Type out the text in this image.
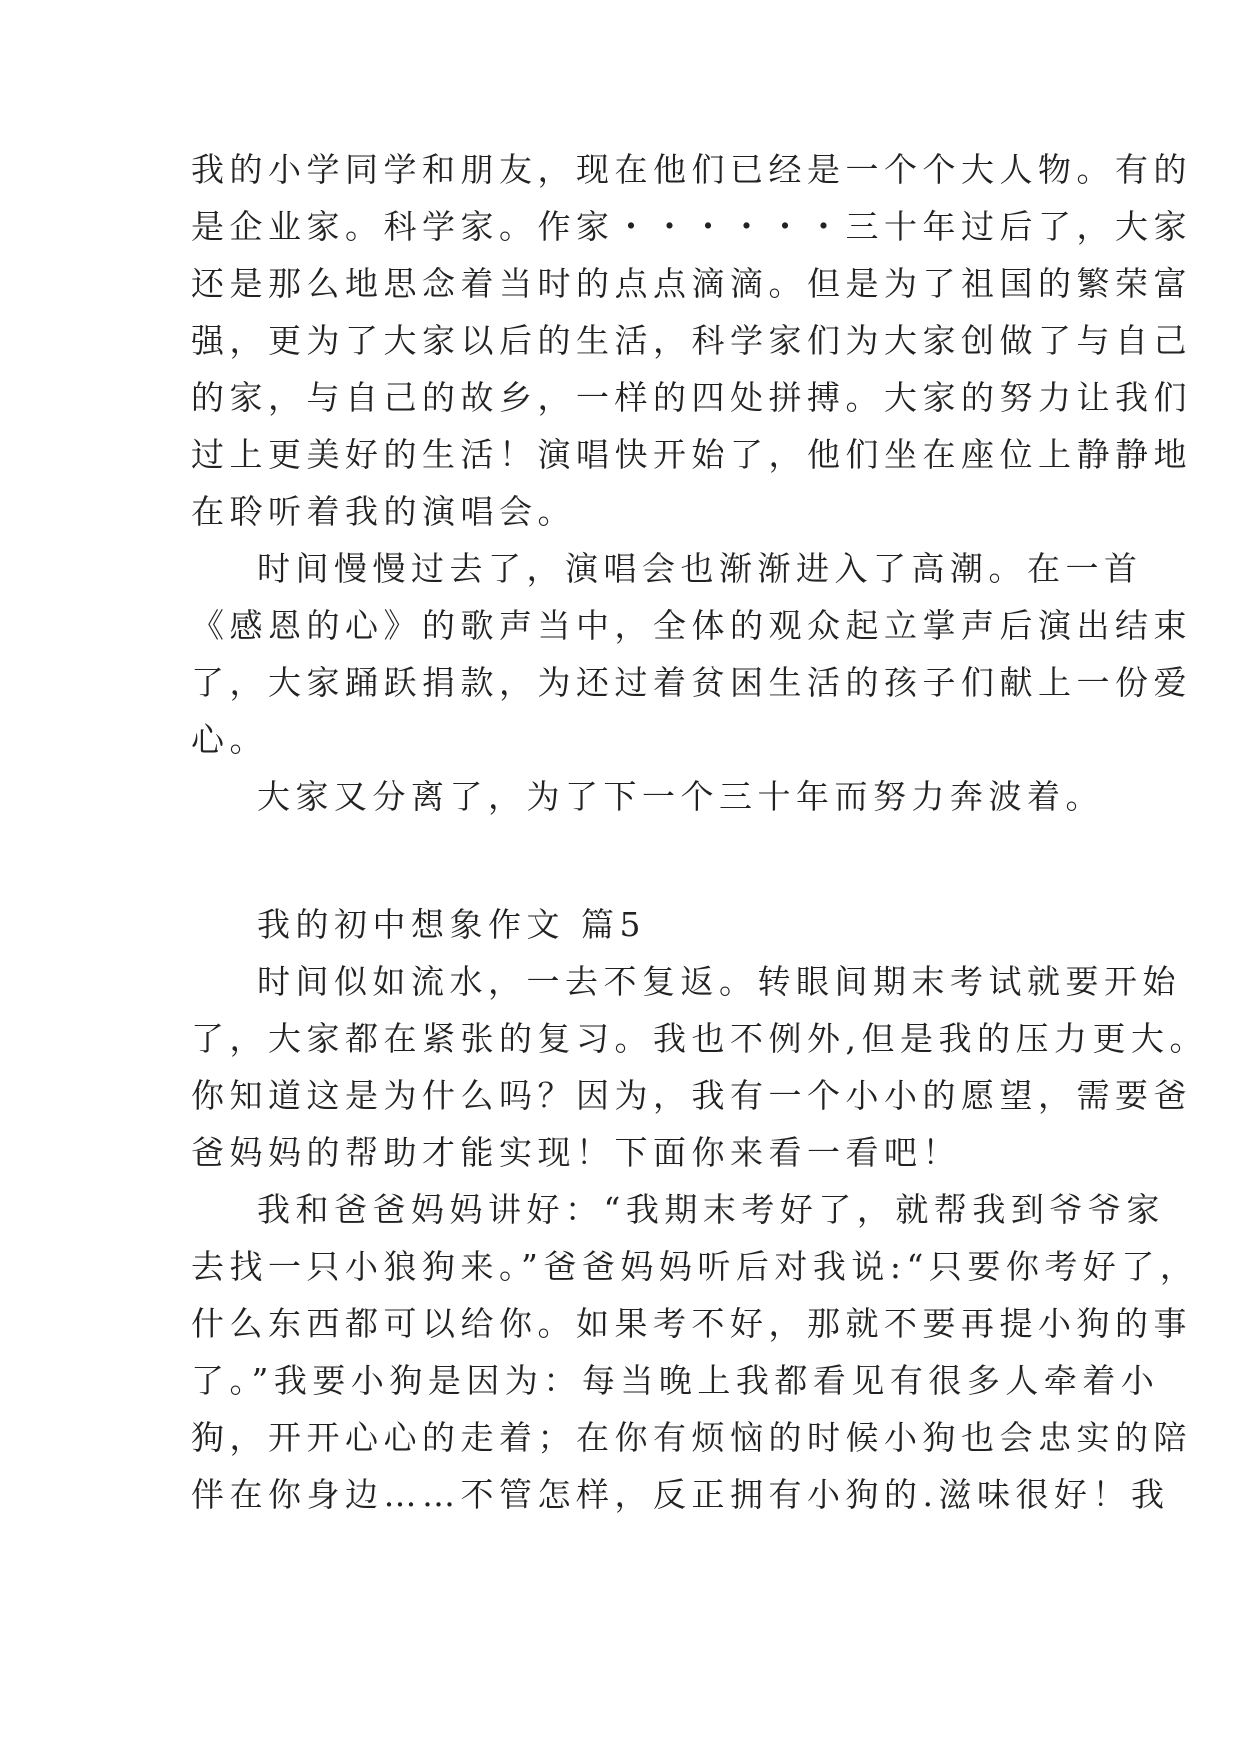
我的小学同学和朋友，现在他们已经是一个个大人物。有的
是企业家。科学家。作家・・・・・・三十年过后了，大家
还是那么地思念着当时的点点滴滴。但是为了祖国的繁荣富
强，更为了大家以后的生活，科学家们为大家创做了与自己
的家，与自己的故乡，一样的四处拼搏。大家的努力让我们
过上更美好的生活！演唱快开始了，他们坐在座位上静静地
在聆听着我的演唱会。
时间慢慢过去了，演唱会也渐渐进入了高潮。在一首
《感恩的心》的歌声当中，全体的观众起立掌声后演出结束
了，大家踊跃捐款，为还过着贫困生活的孩子们献上一份爱
心。
大家又分离了，为了下一个三十年而努力奔波着。
我的初中想象作文 篇5
时间似如流水，一去不复返。转眼间期末考试就要开始
了，大家都在紧张的复习。我也不例外,但是我的压力更大。
你知道这是为什么吗？因为，我有一个小小的愿望，需要爸
爸妈妈的帮助才能实现！下面你来看一看吧！
我和爸爸妈妈讲好：“我期末考好了，就帮我到爷爷家
去找一只小狼狗来。”爸爸妈妈听后对我说:“只要你考好了，
什么东西都可以给你。如果考不好，那就不要再提小狗的事
了。”我要小狗是因为：每当晚上我都看见有很多人牵着小
狗，开开心心的走着；在你有烦恼的时候小狗也会忠实的陪
伴在你身边……不管怎样，反正拥有小狗的.滋味很好！我
